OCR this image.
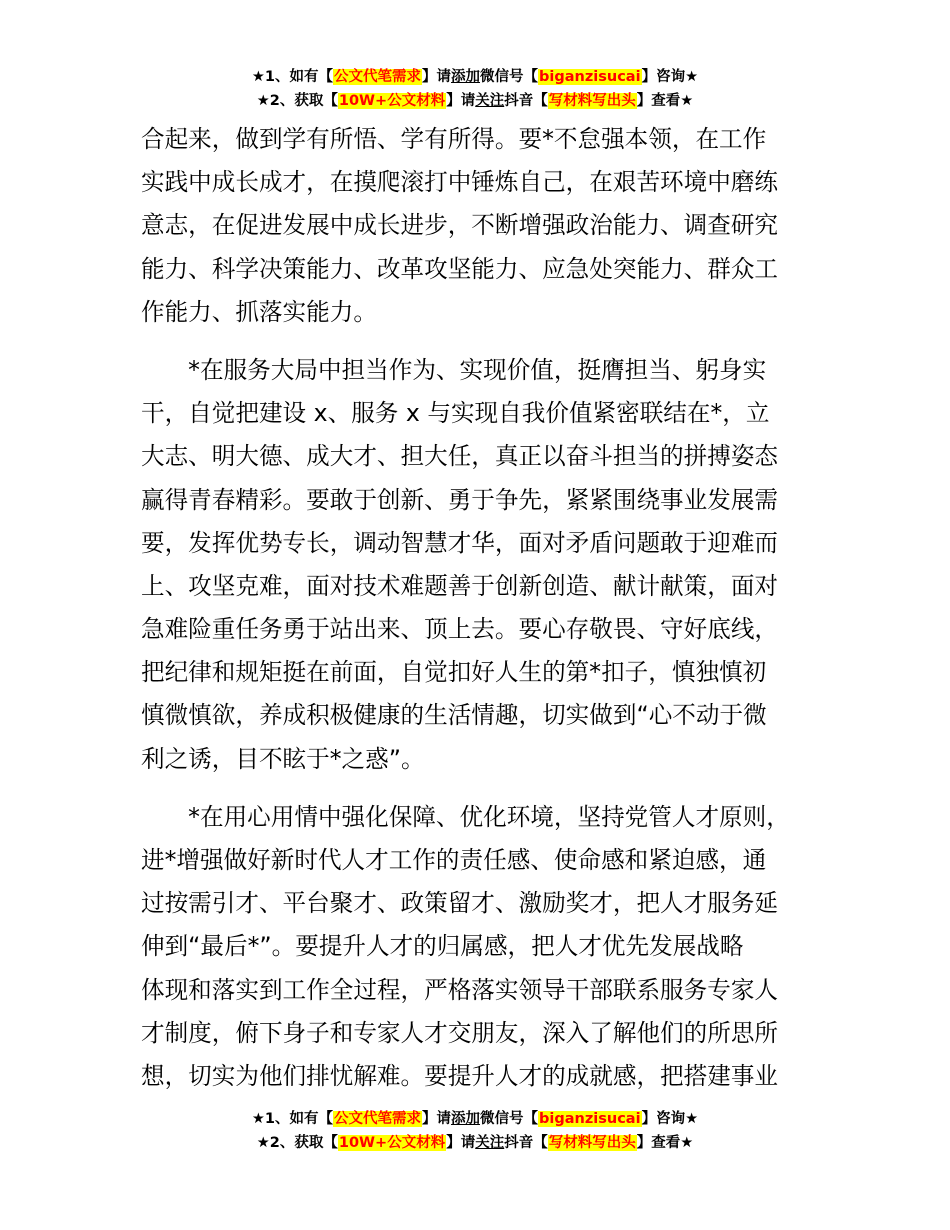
★1、如有【公文代笔需求】请添加微信号【biganzisucai】咨询★
★2、获取【10W+公文材料】请关注抖音【写材料写出头】查看★
合起来，做到学有所悟、学有所得。要*不怠强本领，在工作
实践中成长成才，在摸爬滚打中锤炼自己，在艰苦环境中磨练
意志，在促进发展中成长进步，不断增强政治能力、调查研究
能力、科学决策能力、改革攻坚能力、应急处突能力、群众工
作能力、抓落实能力。
　　*在服务大局中担当作为、实现价值，挺膺担当、躬身实
干，自觉把建设 x、服务 x 与实现自我价值紧密联结在*，立
大志、明大德、成大才、担大任，真正以奋斗担当的拼搏姿态
赢得青春精彩。要敢于创新、勇于争先，紧紧围绕事业发展需
要，发挥优势专长，调动智慧才华，面对矛盾问题敢于迎难而
上、攻坚克难，面对技术难题善于创新创造、献计献策，面对
急难险重任务勇于站出来、顶上去。要心存敬畏、守好底线，
把纪律和规矩挺在前面，自觉扣好人生的第*扣子，慎独慎初
慎微慎欲，养成积极健康的生活情趣，切实做到“心不动于微
利之诱，目不眩于*之惑”。
　　*在用心用情中强化保障、优化环境，坚持党管人才原则，
进*增强做好新时代人才工作的责任感、使命感和紧迫感，通
过按需引才、平台聚才、政策留才、激励奖才，把人才服务延
伸到“最后*”。要提升人才的归属感，把人才优先发展战略
体现和落实到工作全过程，严格落实领导干部联系服务专家人
才制度，俯下身子和专家人才交朋友，深入了解他们的所思所
想，切实为他们排忧解难。要提升人才的成就感，把搭建事业
★1、如有【公文代笔需求】请添加微信号【biganzisucai】咨询★
★2、获取【10W+公文材料】请关注抖音【写材料写出头】查看★
